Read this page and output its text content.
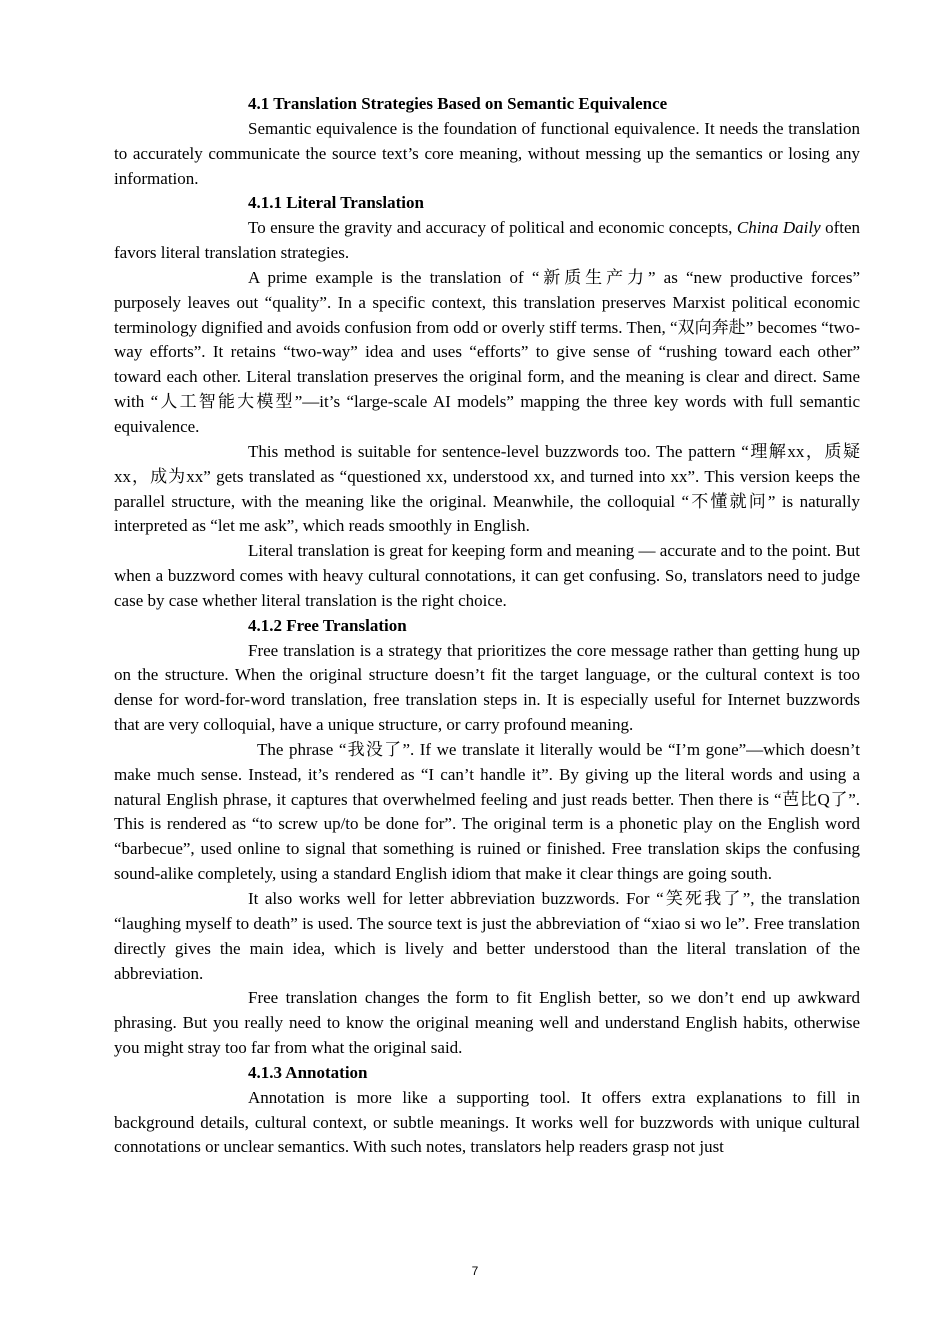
4.1 Translation Strategies Based on Semantic Equivalence

Semantic equivalence is the foundation of functional equivalence. It needs the translation to accurately communicate the source text’s core meaning, without messing up the semantics or losing any information.

4.1.1 Literal Translation

To ensure the gravity and accuracy of political and economic concepts, China Daily often favors literal translation strategies.

A prime example is the translation of “新质生产力” as “new productive forces” purposely leaves out “quality”. In a specific context, this translation preserves Marxist political economic terminology dignified and avoids confusion from odd or overly stiff terms. Then, “双向奔赴” becomes “two-way efforts”. It retains “two-way” idea and uses “efforts” to give sense of “rushing toward each other” toward each other. Literal translation preserves the original form, and the meaning is clear and direct. Same with “人工智能大模型”—it’s “large-scale AI models” mapping the three key words with full semantic equivalence.

This method is suitable for sentence-level buzzwords too. The pattern “理解xx，质疑xx，成为xx” gets translated as “questioned xx, understood xx, and turned into xx”. This version keeps the parallel structure, with the meaning like the original. Meanwhile, the colloquial “不懂就问” is naturally interpreted as “let me ask”, which reads smoothly in English.

Literal translation is great for keeping form and meaning — accurate and to the point. But when a buzzword comes with heavy cultural connotations, it can get confusing. So, translators need to judge case by case whether literal translation is the right choice.

4.1.2 Free Translation

Free translation is a strategy that prioritizes the core message rather than getting hung up on the structure. When the original structure doesn’t fit the target language, or the cultural context is too dense for word-for-word translation, free translation steps in. It is especially useful for Internet buzzwords that are very colloquial, have a unique structure, or carry profound meaning.

The phrase “我没了”. If we translate it literally would be “I’m gone”—which doesn’t make much sense. Instead, it’s rendered as “I can’t handle it”. By giving up the literal words and using a natural English phrase, it captures that overwhelmed feeling and just reads better. Then there is “芭比Q了”. This is rendered as “to screw up/to be done for”. The original term is a phonetic play on the English word “barbecue”, used online to signal that something is ruined or finished. Free translation skips the confusing sound-alike completely, using a standard English idiom that make it clear things are going south.

It also works well for letter abbreviation buzzwords. For “笑死我了”, the translation “laughing myself to death” is used. The source text is just the abbreviation of “xiao si wo le”. Free translation directly gives the main idea, which is lively and better understood than the literal translation of the abbreviation.

Free translation changes the form to fit English better, so we don’t end up awkward phrasing. But you really need to know the original meaning well and understand English habits, otherwise you might stray too far from what the original said.

4.1.3 Annotation

Annotation is more like a supporting tool. It offers extra explanations to fill in background details, cultural context, or subtle meanings. It works well for buzzwords with unique cultural connotations or unclear semantics. With such notes, translators help readers grasp not just

7
